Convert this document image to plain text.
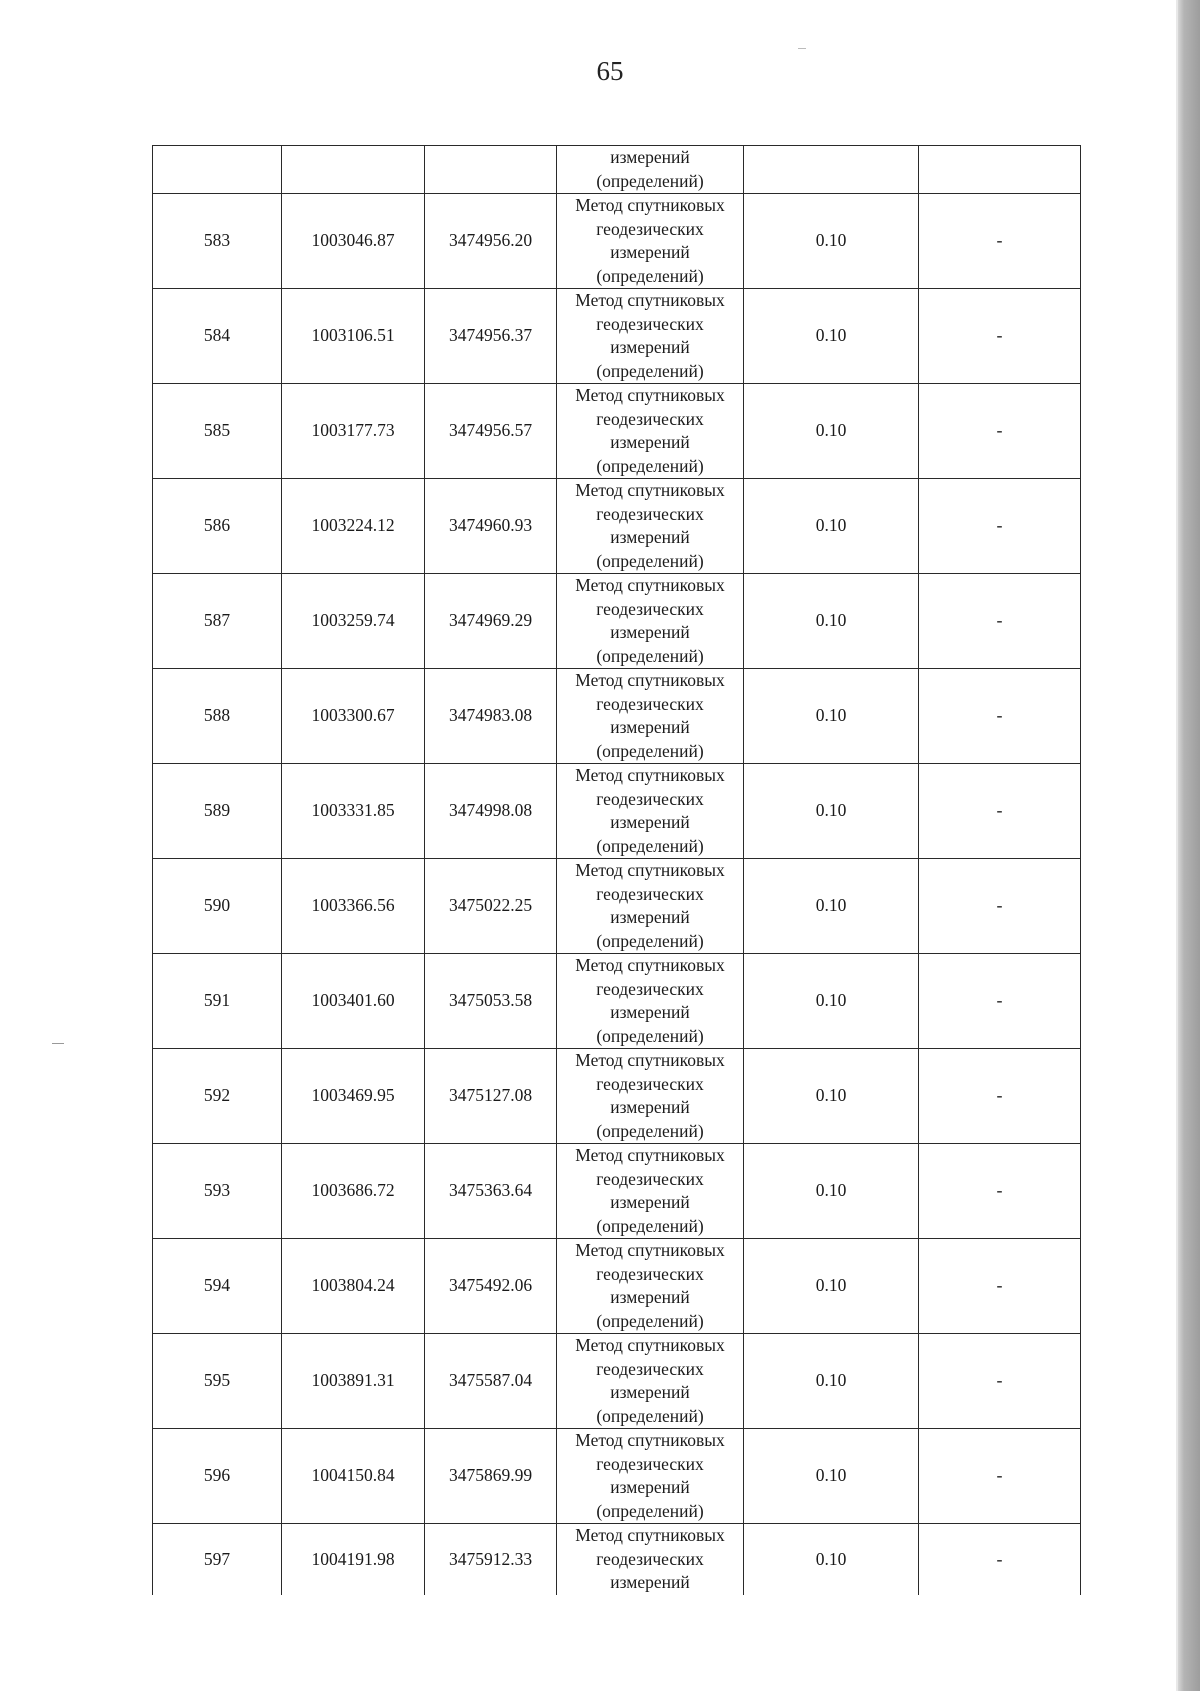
65

			измерений
(определений)		

583	1003046.87	3474956.20	Метод спутниковых
геодезических
измерений
(определений)	0.10	-
584	1003106.51	3474956.37	Метод спутниковых
геодезических
измерений
(определений)	0.10	-
585	1003177.73	3474956.57	Метод спутниковых
геодезических
измерений
(определений)	0.10	-
586	1003224.12	3474960.93	Метод спутниковых
геодезических
измерений
(определений)	0.10	-
587	1003259.74	3474969.29	Метод спутниковых
геодезических
измерений
(определений)	0.10	-
588	1003300.67	3474983.08	Метод спутниковых
геодезических
измерений
(определений)	0.10	-
589	1003331.85	3474998.08	Метод спутниковых
геодезических
измерений
(определений)	0.10	-
590	1003366.56	3475022.25	Метод спутниковых
геодезических
измерений
(определений)	0.10	-
591	1003401.60	3475053.58	Метод спутниковых
геодезических
измерений
(определений)	0.10	-
592	1003469.95	3475127.08	Метод спутниковых
геодезических
измерений
(определений)	0.10	-
593	1003686.72	3475363.64	Метод спутниковых
геодезических
измерений
(определений)	0.10	-
594	1003804.24	3475492.06	Метод спутниковых
геодезических
измерений
(определений)	0.10	-
595	1003891.31	3475587.04	Метод спутниковых
геодезических
измерений
(определений)	0.10	-
596	1004150.84	3475869.99	Метод спутниковых
геодезических
измерений
(определений)	0.10	-
597	1004191.98	3475912.33	Метод спутниковых
геодезических
измерений	0.10	-
